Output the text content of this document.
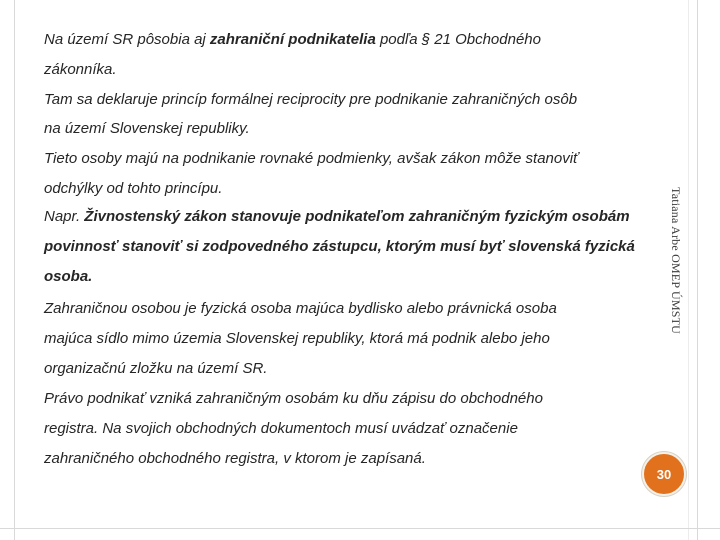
Na území SR pôsobia aj zahraniční podnikatelia podľa § 21 Obchodného
zákonníka.
Tam sa deklaruje princíp formálnej reciprocity pre podnikanie zahraničných osôb
na území Slovenskej republiky.
Tieto osoby majú na podnikanie rovnaké podmienky, avšak zákon môže stanoviť
odchýlky od tohto princípu.
Napr. Živnostenský zákon stanovuje podnikateľom zahraničným fyzickým osobám
povinnosť stanoviť si zodpovedného zástupcu, ktorým musí byť slovenská fyzická
osoba.
Zahraničnou osobou je fyzická osoba majúca bydlisko alebo právnická osoba
majúca sídlo mimo územia Slovenskej republiky, ktorá má podnik alebo jeho
organizačnú zložku na území SR.
Právo podnikať vzniká zahraničným osobám ku dňu zápisu do obchodného
registra. Na svojich obchodných dokumentoch musí uvádzať označenie
zahraničného obchodného registra, v ktorom je zapísaná.
Tatiana Arbe OMEP ÚMSTU
30
